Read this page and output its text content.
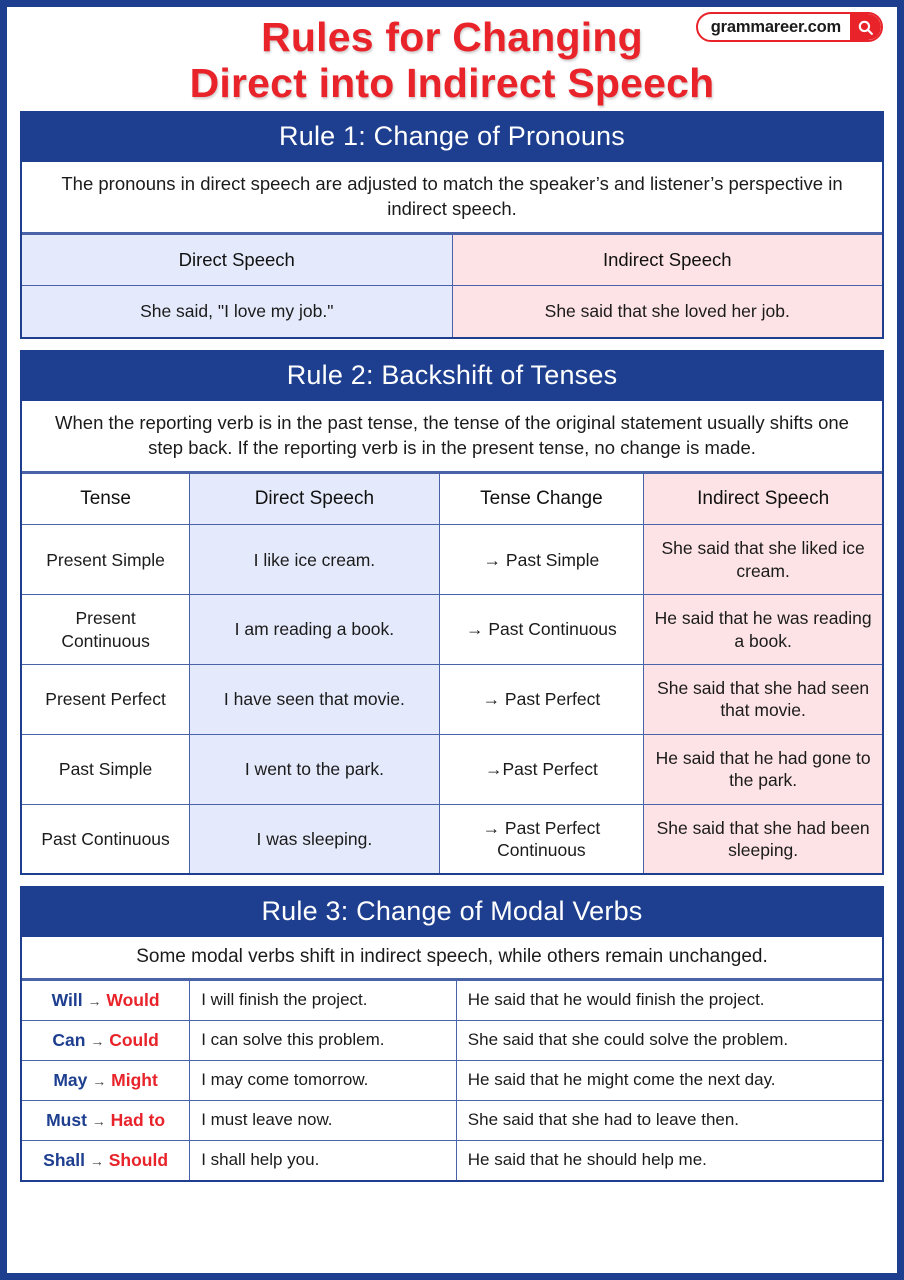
Rules for Changing
Direct into Indirect Speech
grammareer.com
Rule 1: Change of Pronouns
The pronouns in direct speech are adjusted to match the speaker’s and listener’s perspective in indirect speech.
Direct Speech	Indirect Speech
She said, "I love my job."	She said that she loved her job.
Rule 2: Backshift of Tenses
When the reporting verb is in the past tense, the tense of the original statement usually shifts one step back. If the reporting verb is in the present tense, no change is made.
Tense	Direct Speech	Tense Change	Indirect Speech
Present Simple	I like ice cream.	→ Past Simple	She said that she liked ice cream.
Present Continuous	I am reading a book.	→ Past Continuous	He said that he was reading a book.
Present Perfect	I have seen that movie.	→ Past Perfect	She said that she had seen that movie.
Past Simple	I went to the park.	→Past Perfect	He said that he had gone to the park.
Past Continuous	I was sleeping.	→ Past Perfect Continuous	She said that she had been sleeping.
Rule 3: Change of Modal Verbs
Some modal verbs shift in indirect speech, while others remain unchanged.
Will → Would	I will finish the project.	He said that he would finish the project.
Can → Could	I can solve this problem.	She said that she could solve the problem.
May → Might	I may come tomorrow.	He said that he might come the next day.
Must → Had to	I must leave now.	She said that she had to leave then.
Shall → Should	I shall help you.	He said that he should help me.
